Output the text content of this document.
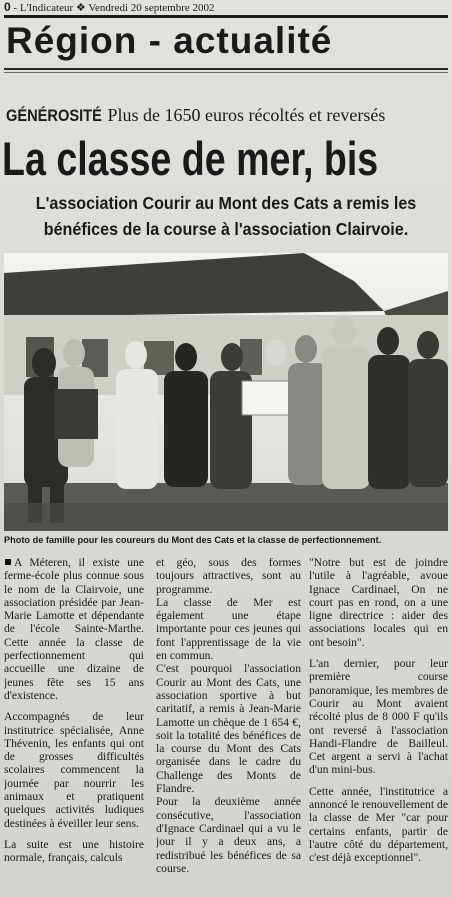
0 - L'Indicateur ❖ Vendredi 20 septembre 2002
Région - actualité
GÉNÉROSITÉ Plus de 1650 euros récoltés et reversés
La classe de mer, bis
L'association Courir au Mont des Cats a remis les
bénéfices de la course à l'association Clairvoie.
Photo de famille pour les coureurs du Mont des Cats et la classe de perfectionnement.

A Méteren, il existe une ferme-école plus connue sous le nom de la Clairvoie, une association présidée par Jean-Marie Lamotte et dépendante de l'école Sainte-Marthe. Cette année la classe de perfectionnement qui accueille une dizaine de jeunes fête ses 15 ans d'existence.

Accompagnés de leur institutrice spécialisée, Anne Thévenin, les enfants qui ont de grosses difficultés scolaires commencent la journée par nourrir les animaux et pratiquent quelques activités ludiques destinées à éveiller leur sens.

La suite est une histoire normale, français, calculs

et géo, sous des formes toujours attractives, sont au programme.

La classe de Mer est également une étape importante pour ces jeunes qui font l'apprentissage de la vie en commun.

C'est pourquoi l'association Courir au Mont des Cats, une association sportive à but caritatif, a remis à Jean-Marie Lamotte un chèque de 1 654 €, soit la totalité des bénéfices de la course du Mont des Cats organisée dans le cadre du Challenge des Monts de Flandre.

Pour la deuxième année consécutive, l'association d'Ignace Cardinael qui a vu le jour il y a deux ans, a redistribué les bénéfices de sa course.

"Notre but est de joindre l'utile à l'agréable, avoue Ignace Cardinael, On ne court pas en rond, on a une ligne directrice : aider des associations locales qui en ont besoin".

L'an dernier, pour leur première course panoramique, les membres de Courir au Mont avaient récolté plus de 8 000 F qu'ils ont reversé à l'association Handi-Flandre de Bailleul. Cet argent a servi à l'achat d'un mini-bus.

Cette année, l'institutrice a annoncé le renouvellement de la classe de Mer "car pour certains enfants, partir de l'autre côté du département, c'est déjà exceptionnel".
